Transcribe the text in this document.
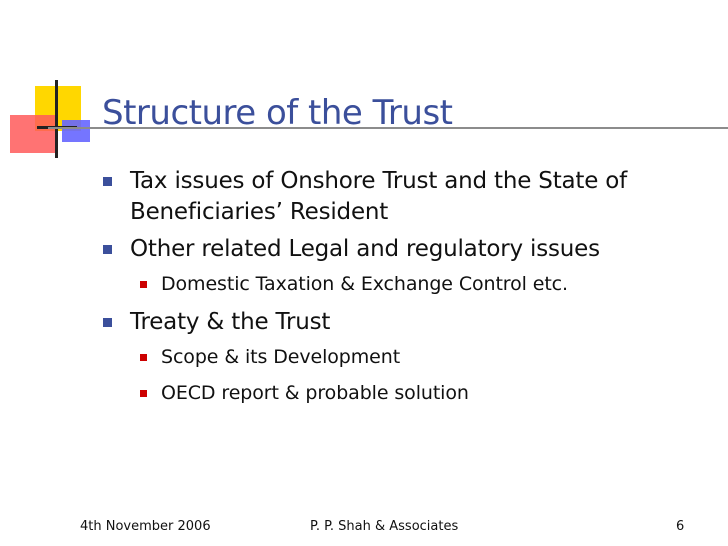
Structure of the Trust
Tax issues of Onshore Trust and the State of Beneficiaries’ Resident
Other related Legal and regulatory issues
Domestic Taxation & Exchange Control etc.
Treaty & the Trust
Scope & its Development
OECD report & probable solution
4th November 2006	P. P. Shah & Associates	6
